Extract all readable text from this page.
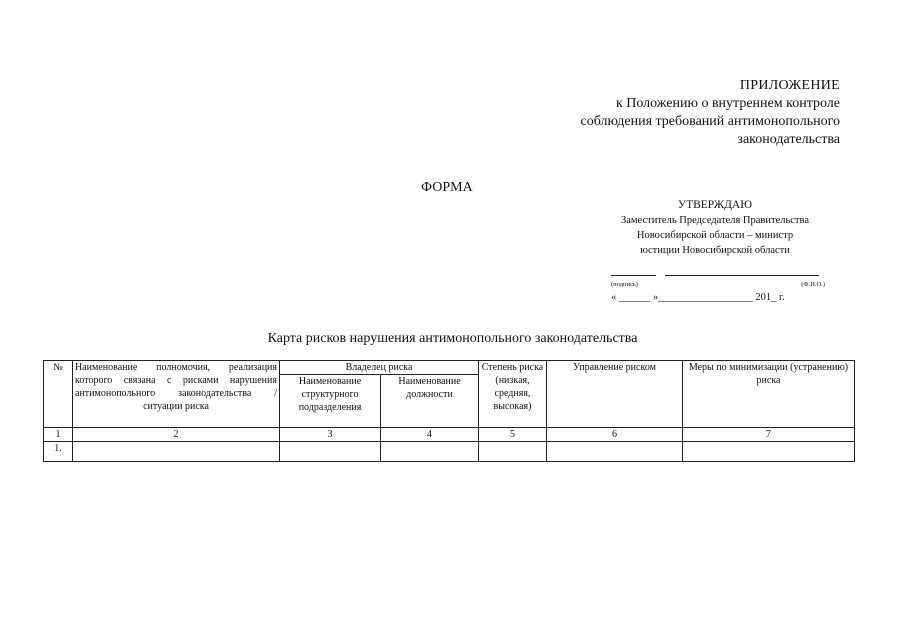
ПРИЛОЖЕНИЕ
к Положению о внутреннем контроле
соблюдения требований антимонопольного
законодательства
ФОРМА
УТВЕРЖДАЮ
Заместитель Председателя Правительства
Новосибирской области – министр
юстиции Новосибирской области
(подпись)	(Ф.И.О.)
« ______ »__________________ 201_ г.
Карта рисков нарушения антимонопольного законодательства
№	Наименование полномочия, реализация которого связана с рисками нарушения антимонопольного законодательства / ситуации риска	Владелец риска		Степень риска (низкая, средняя, высокая)	Управление риском	Меры по минимизации (устранению) риска
		Наименование структурного подразделения	Наименование должности			
1	2	3	4	5	6	7
1.						
